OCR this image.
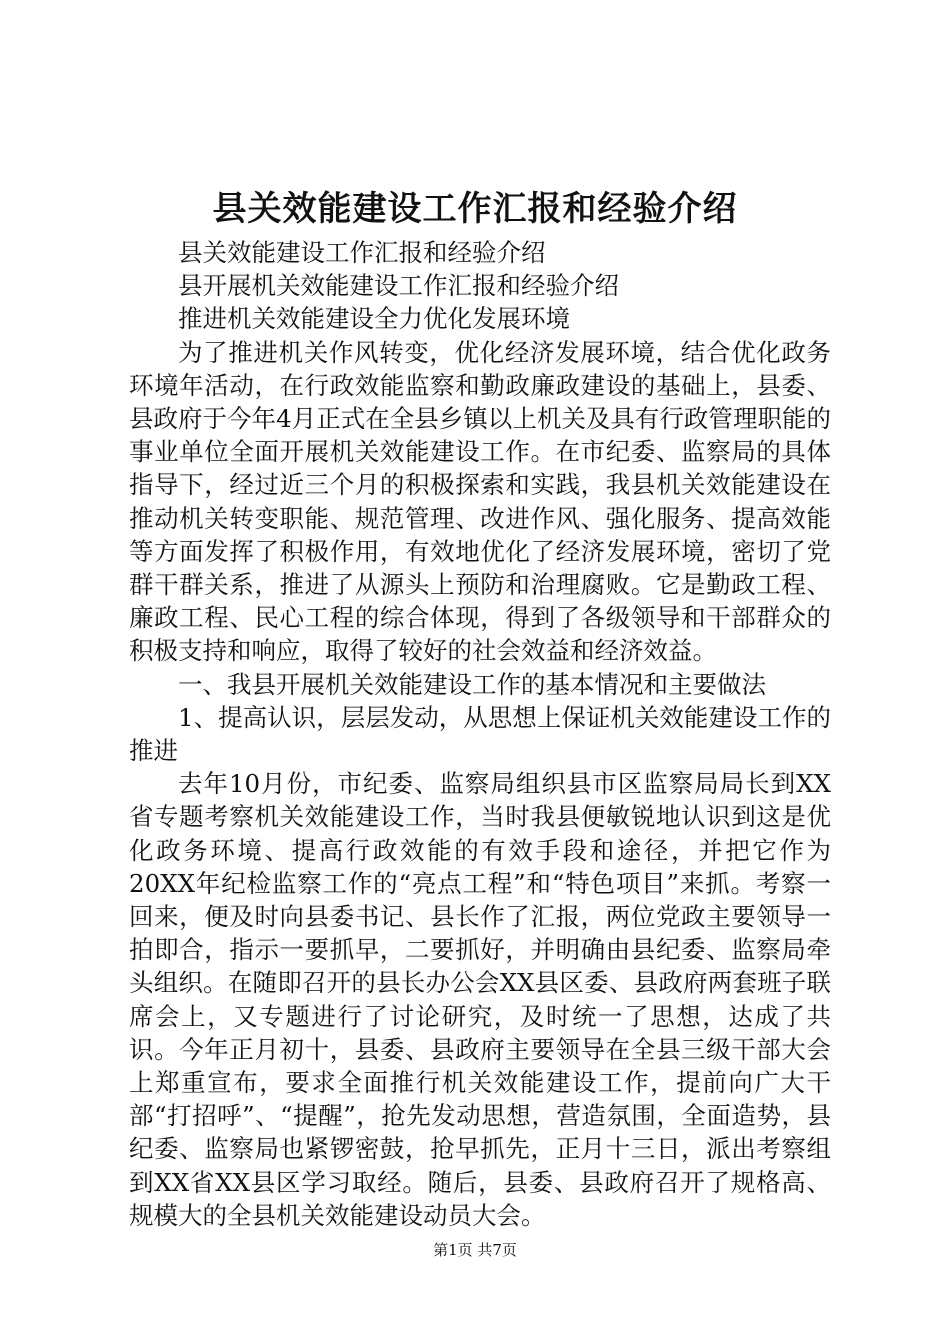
县关效能建设工作汇报和经验介绍

县关效能建设工作汇报和经验介绍

县开展机关效能建设工作汇报和经验介绍

推进机关效能建设全力优化发展环境

为了推进机关作风转变，优化经济发展环境，结合优化政务环境年活动，在行政效能监察和勤政廉政建设的基础上，县委、县政府于今年4月正式在全县乡镇以上机关及具有行政管理职能的事业单位全面开展机关效能建设工作。在市纪委、监察局的具体指导下，经过近三个月的积极探索和实践，我县机关效能建设在推动机关转变职能、规范管理、改进作风、强化服务、提高效能等方面发挥了积极作用，有效地优化了经济发展环境，密切了党群干群关系，推进了从源头上预防和治理腐败。它是勤政工程、廉政工程、民心工程的综合体现，得到了各级领导和干部群众的积极支持和响应，取得了较好的社会效益和经济效益。

一、我县开展机关效能建设工作的基本情况和主要做法

1、提高认识，层层发动，从思想上保证机关效能建设工作的推进

去年10月份，市纪委、监察局组织县市区监察局局长到XX省专题考察机关效能建设工作，当时我县便敏锐地认识到这是优化政务环境、提高行政效能的有效手段和途径，并把它作为20XX年纪检监察工作的“亮点工程”和“特色项目”来抓。考察一回来，便及时向县委书记、县长作了汇报，两位党政主要领导一拍即合，指示一要抓早，二要抓好，并明确由县纪委、监察局牵头组织。在随即召开的县长办公会XX县区委、县政府两套班子联席会上，又专题进行了讨论研究，及时统一了思想，达成了共识。今年正月初十，县委、县政府主要领导在全县三级干部大会上郑重宣布，要求全面推行机关效能建设工作，提前向广大干部“打招呼”、“提醒”，抢先发动思想，营造氛围，全面造势，县纪委、监察局也紧锣密鼓，抢早抓先，正月十三日，派出考察组到XX省XX县区学习取经。随后，县委、县政府召开了规格高、规模大的全县机关效能建设动员大会。

第1页 共7页
